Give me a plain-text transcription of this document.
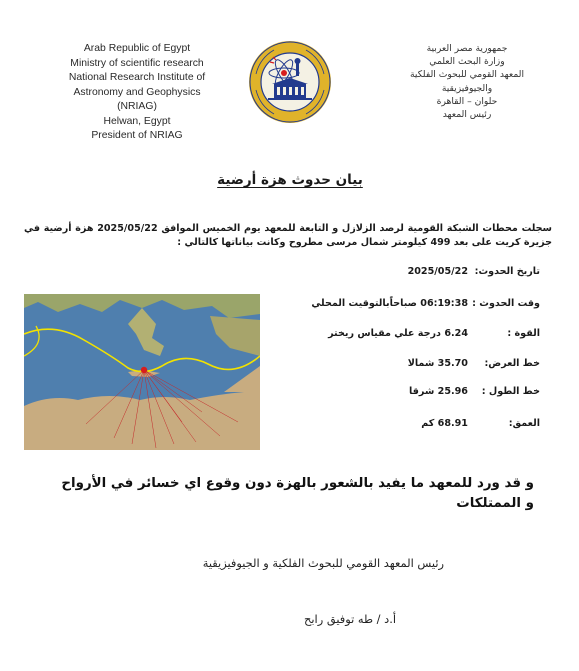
Arab Republic of Egypt
Ministry of scientific research
National Research Institute of
Astronomy and Geophysics
(NRIAG)
Helwan, Egypt
President of NRIAG
جمهورية مصر العربية
وزارة البحث العلمي
المعهد القومي للبحوث الفلكية
والجيوفيزيقية
حلوان – القاهرة
رئيس المعهد
بيان حدوث هزة أرضية
سجلت محطات الشبكة القومية لرصد الزلازل و التابعة للمعهد يوم الخميس الموافق 2025/05/22 هزة أرضية في جزيرة كريت على بعد 499 كيلومتر شمال مرسى مطروح وكانت بياناتها كالتالي :
تاريخ الحدوث:
2025/05/22
وقت الحدوث :
06:19:38 صباحاًبالتوقيت المحلي
القوة :
6.24 درجة علي مقياس ريختر
خط العرض:
35.70 شمالا
خط الطول :
25.96 شرقا
العمق:
68.91 كم
و قد ورد للمعهد ما يفيد بالشعور بالهزة دون وقوع اي خسائر في الأرواح و الممتلكات
رئيس المعهد القومي للبحوث الفلكية و الجيوفيزيقية
أ.د / طه توفيق رابح
